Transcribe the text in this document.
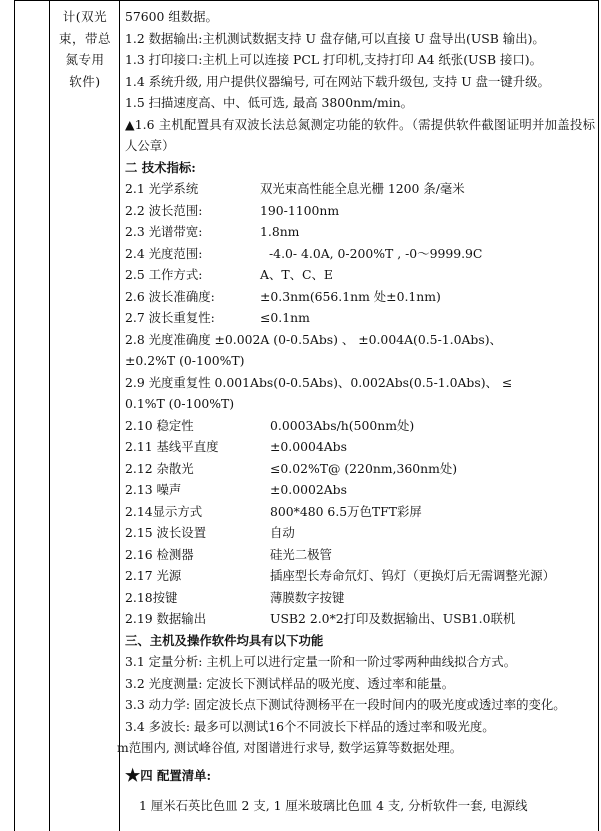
计(双光
束，带总
氮专用
软件)
57600 组数据。
1.2 数据输出:主机测试数据支持 U 盘存储,可以直接 U 盘导出(USB 输出)。
1.3 打印接口:主机上可以连接 PCL 打印机,支持打印 A4 纸张(USB 接口)。
1.4 系统升级, 用户提供仪器编号, 可在网站下载升级包, 支持 U 盘一键升级。
1.5 扫描速度高、中、低可选, 最高 3800nm/min。
▲1.6 主机配置具有双波长法总氮测定功能的软件。（需提供软件截图证明并加盖投标人公章）
二 技术指标:
2.1 光学系统	双光束高性能全息光栅 1200 条/毫米
2.2 波长范围:	190-1100nm
2.3 光谱带宽:	1.8nm
2.4 光度范围:	-4.0- 4.0A, 0-200%T , -0～9999.9C
2.5 工作方式:	A、T、C、E
2.6 波长准确度:	±0.3nm(656.1nm 处±0.1nm)
2.7 波长重复性:	≤0.1nm
2.8 光度准确度 ±0.002A (0-0.5Abs) 、 ±0.004A(0.5-1.0Abs)、
±0.2%T (0-100%T)
2.9 光度重复性 0.001Abs(0-0.5Abs)、0.002Abs(0.5-1.0Abs)、 ≤
0.1%T (0-100%T)
2.10 稳定性	0.0003Abs/h(500nm处)
2.11 基线平直度	±0.0004Abs
2.12 杂散光	≤0.02%T@ (220nm,360nm处)
2.13 噪声	±0.0002Abs
2.14显示方式	800*480 6.5万色TFT彩屏
2.15 波长设置	自动
2.16 检测器	硅光二极管
2.17 光源	插座型长寿命氘灯、钨灯（更换灯后无需调整光源）
2.18按键	薄膜数字按键
2.19 数据输出	USB2 2.0*2打印及数据输出、USB1.0联机
三、主机及操作软件均具有以下功能
3.1 定量分析: 主机上可以进行定量一阶和一阶过零两种曲线拟合方式。
3.2 光度测量: 定波长下测试样品的吸光度、透过率和能量。
3.3 动力学: 固定波长点下测试待测杨平在一段时间内的吸光度或透过率的变化。
3.4 多波长: 最多可以测试16个不同波长下样品的透过率和吸光度。
m范围内, 测试峰谷值, 对图谱进行求导, 数学运算等数据处理。
★四 配置清单:
1 厘米石英比色皿 2 支, 1 厘米玻璃比色皿 4 支, 分析软件一套, 电源线
